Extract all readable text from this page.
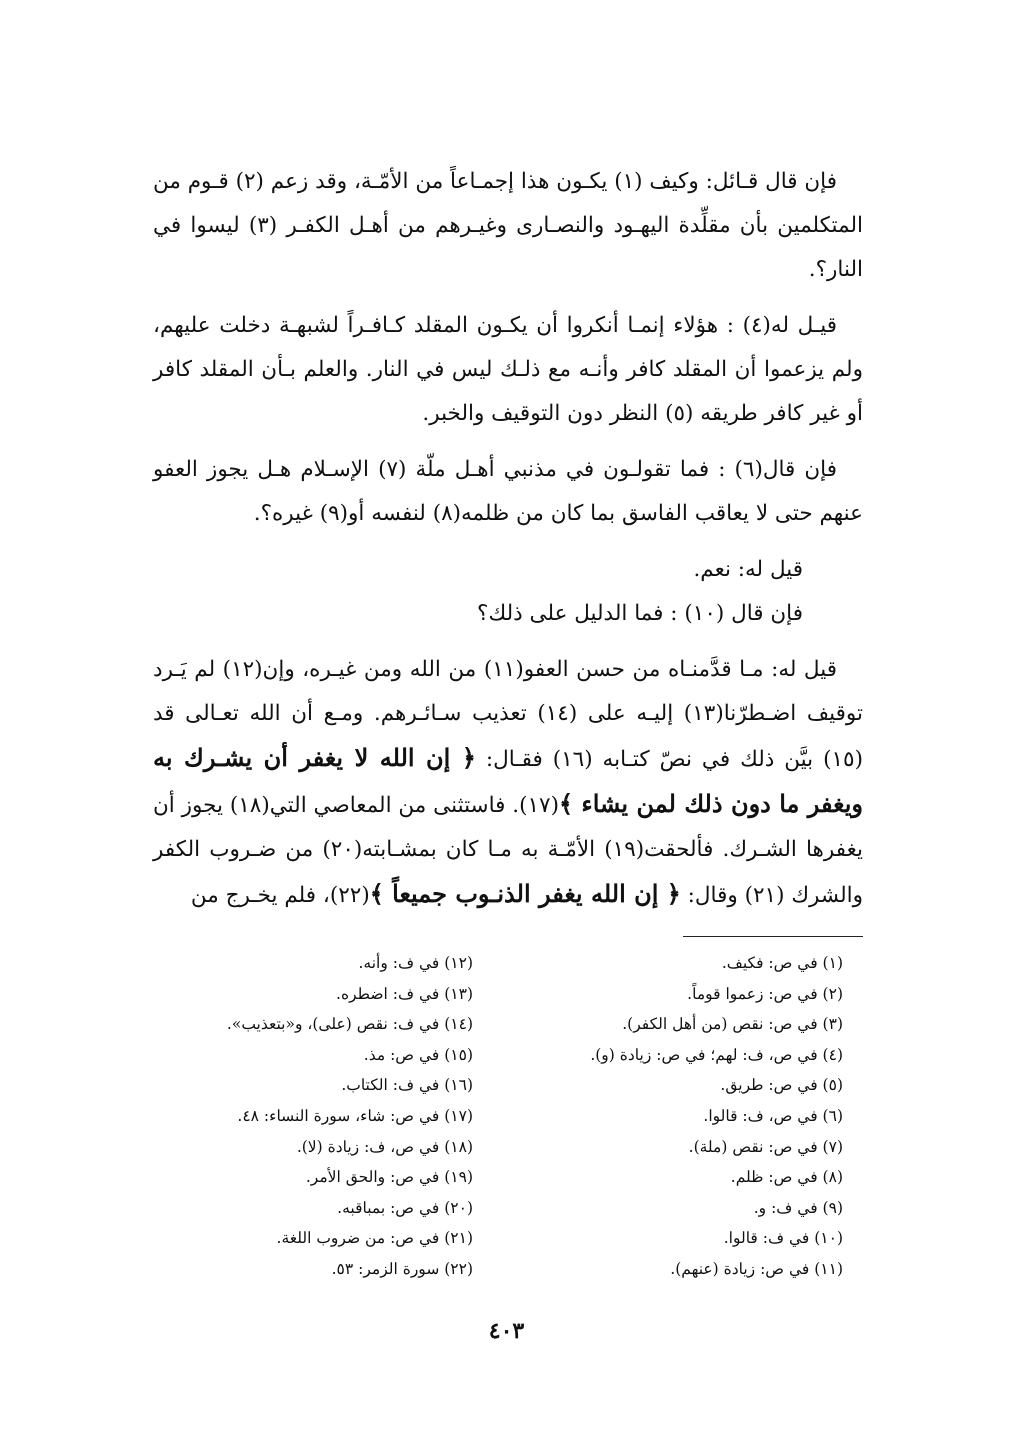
فإن قال قـائل: وكيف (١) يكـون هذا إجمـاعاً من الأمّـة، وقد زعم (٢) قـوم من المتكلمين بأن مقلِّدة اليهـود والنصـارى وغيـرهم من أهـل الكفـر (٣) ليسوا في النار؟.

قيـل له(٤) : هؤلاء إنمـا أنكروا أن يكـون المقلد كـافـراً لشبهـة دخلت عليهم، ولم يزعموا أن المقلد كافر وأنـه مع ذلـك ليس في النار. والعلم بـأن المقلد كافر أو غير كافر طريقه (٥) النظر دون التوقيف والخبر.

فإن قال(٦) : فما تقولـون في مذنبي أهـل ملّة (٧) الإسـلام هـل يجوز العفو عنهم حتى لا يعاقب الفاسق بما كان من ظلمه(٨) لنفسه أو(٩) غيره؟.

قيل له: نعم.

فإن قال (١٠) : فما الدليل على ذلك؟

قيل له: مـا قدَّمنـاه من حسن العفو(١١) من الله ومن غيـره، وإن(١٢) لم يَـرد توقيف اضـطرّنا(١٣) إليـه على (١٤) تعذيب سـائـرهم. ومـع أن الله تعـالى قد (١٥) بيَّن ذلك في نصّ كتـابه (١٦) فقـال: ﴿ إن الله لا يغفر أن يشـرك به ويغفر ما دون ذلك لمن يشاء ﴾(١٧). فاستثنى من المعاصي التي(١٨) يجوز أن يغفرها الشـرك. فألحقت(١٩) الأمّـة به مـا كان بمشـابته(٢٠) من ضـروب الكفر والشرك (٢١) وقال: ﴿ إن الله يغفر الذنـوب جميعاً ﴾(٢٢)، فلم يخـرج من

(١) في ص: فكيف.
(٢) في ص: زعموا قوماً.
(٣) في ص: نقص (من أهل الكفر).
(٤) في ص، ف: لهم؛ في ص: زيادة (و).
(٥) في ص: طريق.
(٦) في ص، ف: قالوا.
(٧) في ص: نقص (ملة).
(٨) في ص: ظلم.
(٩) في ف: و.
(١٠) في ف: قالوا.
(١١) في ص: زيادة (عنهم).
(١٢) في ف: وأنه.
(١٣) في ف: اضطره.
(١٤) في ف: نقص (على)، و«بتعذيب».
(١٥) في ص: مذ.
(١٦) في ف: الكتاب.
(١٧) في ص: شاء، سورة النساء: ٤٨.
(١٨) في ص، ف: زيادة (لا).
(١٩) في ص: والحق الأمر.
(٢٠) في ص: بمباقبه.
(٢١) في ص: من ضروب اللغة.
(٢٢) سورة الزمر: ٥٣.
٤٠٣
